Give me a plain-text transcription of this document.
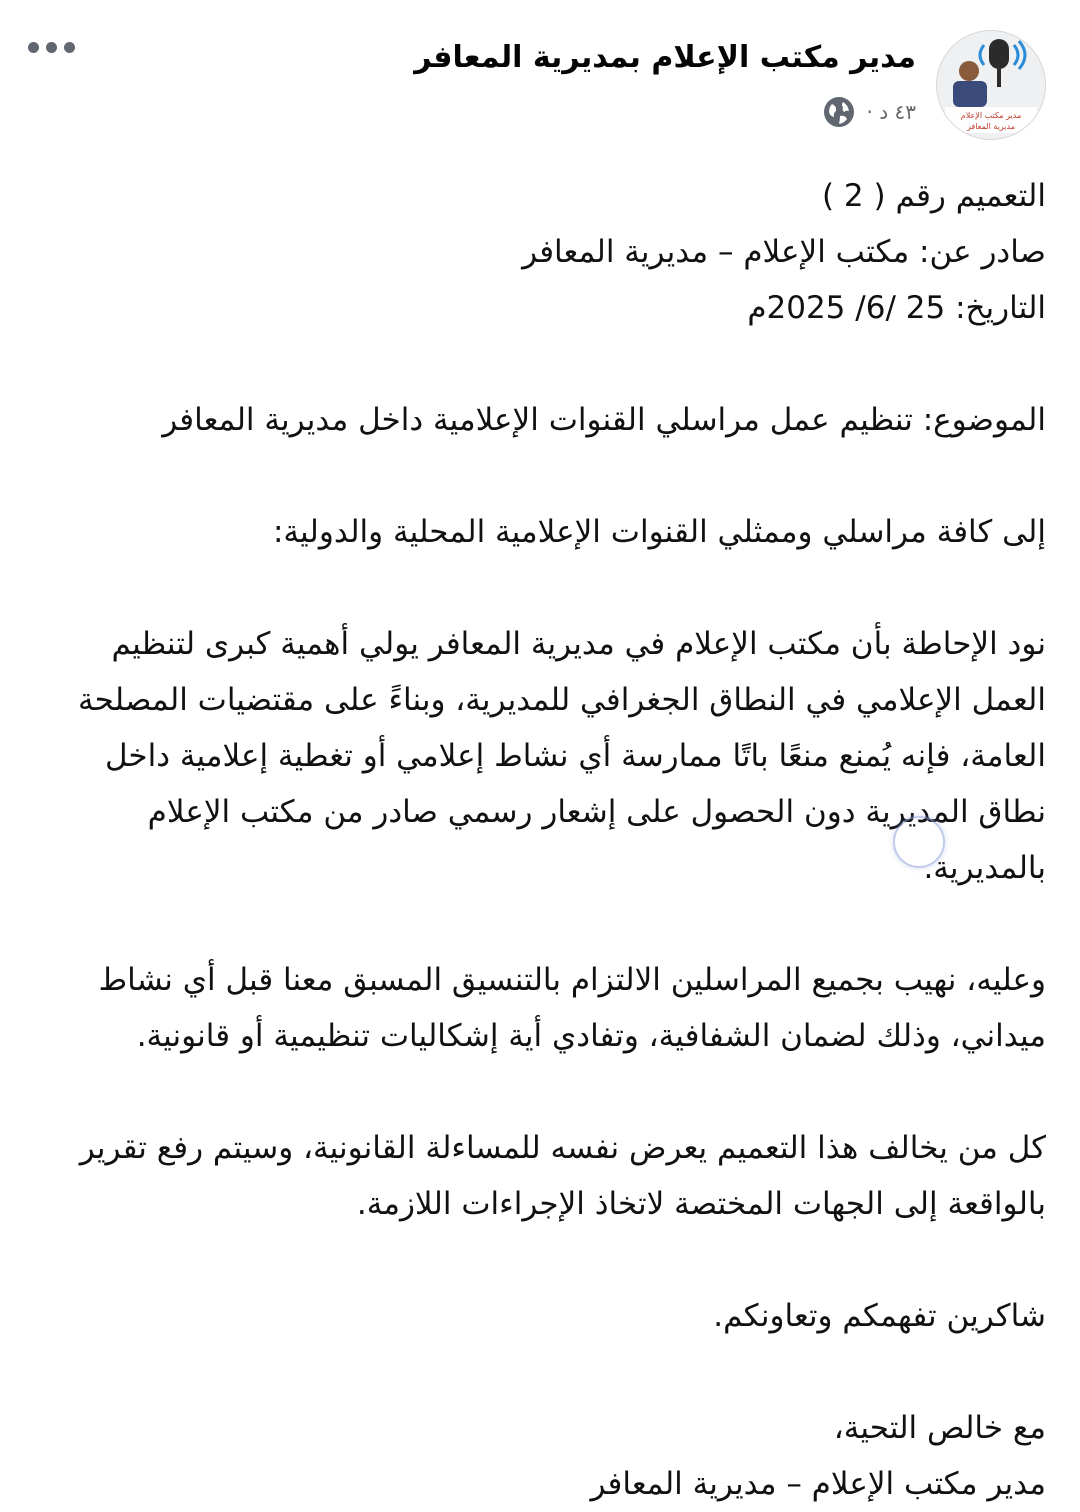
مدير مكتب الإعلام
مديرية المعافر
مدير مكتب الإعلام بمديرية المعافر
٤٣ د ·

التعميم رقم ( 2 )

صادر عن: مكتب الإعلام – مديرية المعافر

التاريخ: 25 /6/ 2025م

الموضوع: تنظيم عمل مراسلي القنوات الإعلامية داخل مديرية المعافر

إلى كافة مراسلي وممثلي القنوات الإعلامية المحلية والدولية:

نود الإحاطة بأن مكتب الإعلام في مديرية المعافر يولي أهمية كبرى لتنظيم العمل الإعلامي في النطاق الجغرافي للمديرية، وبناءً على مقتضيات المصلحة العامة، فإنه يُمنع منعًا باتًا ممارسة أي نشاط إعلامي أو تغطية إعلامية داخل نطاق المديرية دون الحصول على إشعار رسمي صادر من مكتب الإعلام بالمديرية.

وعليه، نهيب بجميع المراسلين الالتزام بالتنسيق المسبق معنا قبل أي نشاط ميداني، وذلك لضمان الشفافية، وتفادي أية إشكاليات تنظيمية أو قانونية.

كل من يخالف هذا التعميم يعرض نفسه للمساءلة القانونية، وسيتم رفع تقرير بالواقعة إلى الجهات المختصة لاتخاذ الإجراءات اللازمة.

شاكرين تفهمكم وتعاونكم.

مع خالص التحية،

مدير مكتب الإعلام – مديرية المعافر
